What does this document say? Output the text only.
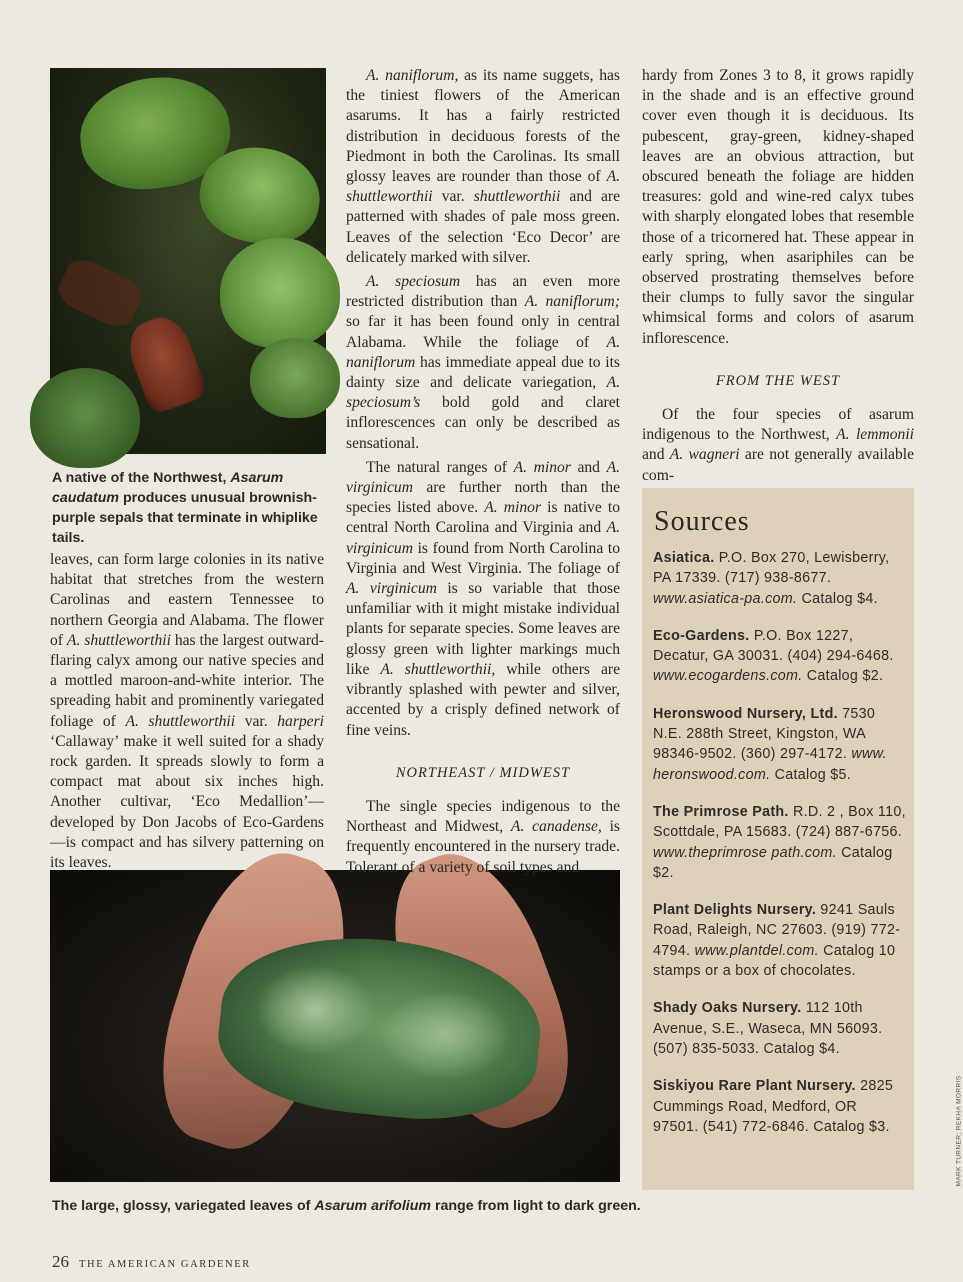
A native of the Northwest, Asarum caudatum produces unusual brownish-purple sepals that terminate in whiplike tails.
The large, glossy, variegated leaves of Asarum arifolium range from light to dark green.

leaves, can form large colonies in its native habitat that stretches from the western Carolinas and eastern Tennessee to northern Georgia and Alabama. The flower of A. shuttleworthii has the largest outward-flaring calyx among our native species and a mottled maroon-and-white interior. The spreading habit and prominently variegated foliage of A. shuttleworthii var. harperi ‘Callaway’ make it well suited for a shady rock garden. It spreads slowly to form a compact mat about six inches high. Another cultivar, ‘Eco Medallion’—developed by Don Jacobs of Eco-Gardens—is compact and has silvery patterning on its leaves.

A. naniflorum, as its name suggets, has the tiniest flowers of the American asarums. It has a fairly restricted distribution in deciduous forests of the Piedmont in both the Carolinas. Its small glossy leaves are rounder than those of A. shuttleworthii var. shuttleworthii and are patterned with shades of pale moss green. Leaves of the selection ‘Eco Decor’ are delicately marked with silver.

A. speciosum has an even more restricted distribution than A. naniflorum; so far it has been found only in central Alabama. While the foliage of A. naniflorum has immediate appeal due to its dainty size and delicate variegation, A. speciosum’s bold gold and claret inflorescences can only be described as sensational.

The natural ranges of A. minor and A. virginicum are further north than the species listed above. A. minor is native to central North Carolina and Virginia and A. virginicum is found from North Carolina to Virginia and West Virginia. The foliage of A. virginicum is so variable that those unfamiliar with it might mistake individual plants for separate species. Some leaves are glossy green with lighter markings much like A. shuttleworthii, while others are vibrantly splashed with pewter and silver, accented by a crisply defined network of fine veins.

NORTHEAST / MIDWEST

The single species indigenous to the Northeast and Midwest, A. canadense, is frequently encountered in the nursery trade. Tolerant of a variety of soil types and

hardy from Zones 3 to 8, it grows rapidly in the shade and is an effective ground cover even though it is deciduous. Its pubescent, gray-green, kidney-shaped leaves are an obvious attraction, but obscured beneath the foliage are hidden treasures: gold and wine-red calyx tubes with sharply elongated lobes that resemble those of a tricornered hat. These appear in early spring, when asariphiles can be observed prostrating themselves before their clumps to fully savor the singular whimsical forms and colors of asarum inflorescence.

FROM THE WEST

Of the four species of asarum indigenous to the Northwest, A. lemmonii and A. wagneri are not generally available com-

Sources
Asiatica. P.O. Box 270, Lewisberry, PA 17339. (717) 938-8677. www.asiatica-pa.com. Catalog $4.
Eco-Gardens. P.O. Box 1227, Decatur, GA 30031. (404) 294-6468. www.ecogardens.com. Catalog $2.
Heronswood Nursery, Ltd. 7530 N.E. 288th Street, Kingston, WA 98346-9502. (360) 297-4172. www. heronswood.com. Catalog $5.
The Primrose Path. R.D. 2 , Box 110, Scottdale, PA 15683. (724) 887-6756. www.theprimrose path.com. Catalog $2.
Plant Delights Nursery. 9241 Sauls Road, Raleigh, NC 27603. (919) 772- 4794. www.plantdel.com. Catalog 10 stamps or a box of chocolates.
Shady Oaks Nursery. 112 10th Avenue, S.E., Waseca, MN 56093. (507) 835-5033. Catalog $4.
Siskiyou Rare Plant Nursery. 2825 Cummings Road, Medford, OR 97501. (541) 772-6846. Catalog $3.	MARK TURNER; REKHA MORRIS
26 THE AMERICAN GARDENER
